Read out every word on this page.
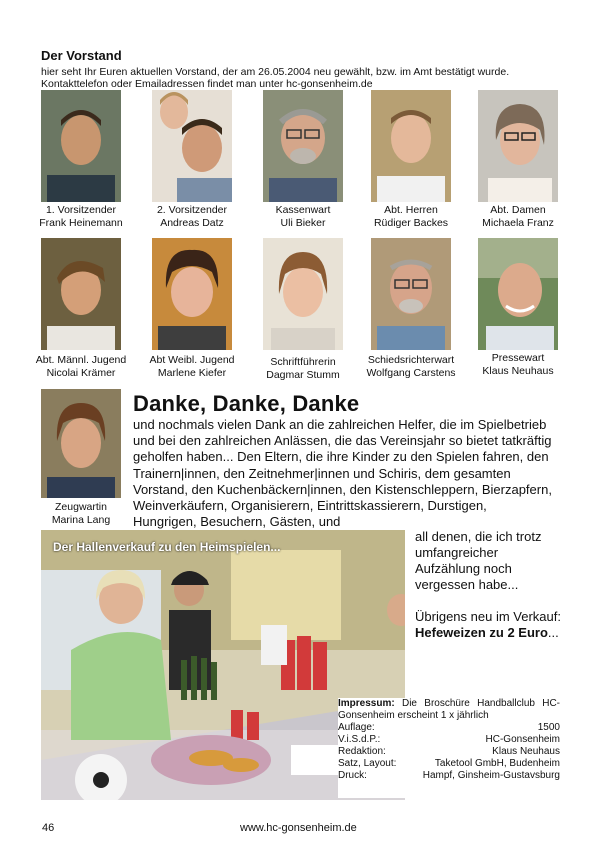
Der Vorstand
hier seht Ihr Euren aktuellen Vorstand, der am 26.05.2004 neu gewählt, bzw. im Amt bestätigt wurde.
Kontakttelefon oder Emailadressen findet man unter hc-gonsenheim.de
1. Vorsitzender
Frank Heinemann
2. Vorsitzender
Andreas Datz
Kassenwart
Uli Bieker
Abt. Herren
Rüdiger Backes
Abt. Damen
Michaela Franz
Abt. Männl. Jugend
Nicolai Krämer
Abt Weibl. Jugend
Marlene Kiefer
Schriftführerin
Dagmar Stumm
Schiedsrichterwart
Wolfgang Carstens
Pressewart
Klaus Neuhaus
Zeugwartin
Marina Lang
Danke, Danke, Danke
und nochmals vielen Dank an die zahlreichen Helfer, die im Spielbetrieb und bei den zahlreichen Anlässen, die das Vereinsjahr so bietet tatkräftig geholfen haben... Den Eltern, die ihre Kinder zu den Spielen fahren, den Trainern|innen, den Zeitnehmer|innen und Schiris, dem gesamten Vorstand, den Kuchenbäckern|innen, den Kistenschleppern, Bierzapfern, Weinverkäufern, Organisierern, Eintrittskassierern, Durstigen, Hungrigen, Besuchern, Gästen, und
all denen, die ich trotz umfangreicher Aufzählung noch vergessen habe...
Übrigens neu im Verkauf: Hefeweizen zu 2 Euro...
Der Hallenverkauf zu den Heimspielen...
Impressum: Die Broschüre Handballclub HC-Gonsenheim erscheint 1 x jährlich
Auflage:	1500
V.i.S.d.P.:	HC-Gonsenheim
Redaktion:	Klaus Neuhaus
Satz, Layout:	Taketool GmbH, Budenheim
Druck:	Hampf, Ginsheim-Gustavsburg
46	www.hc-gonsenheim.de
